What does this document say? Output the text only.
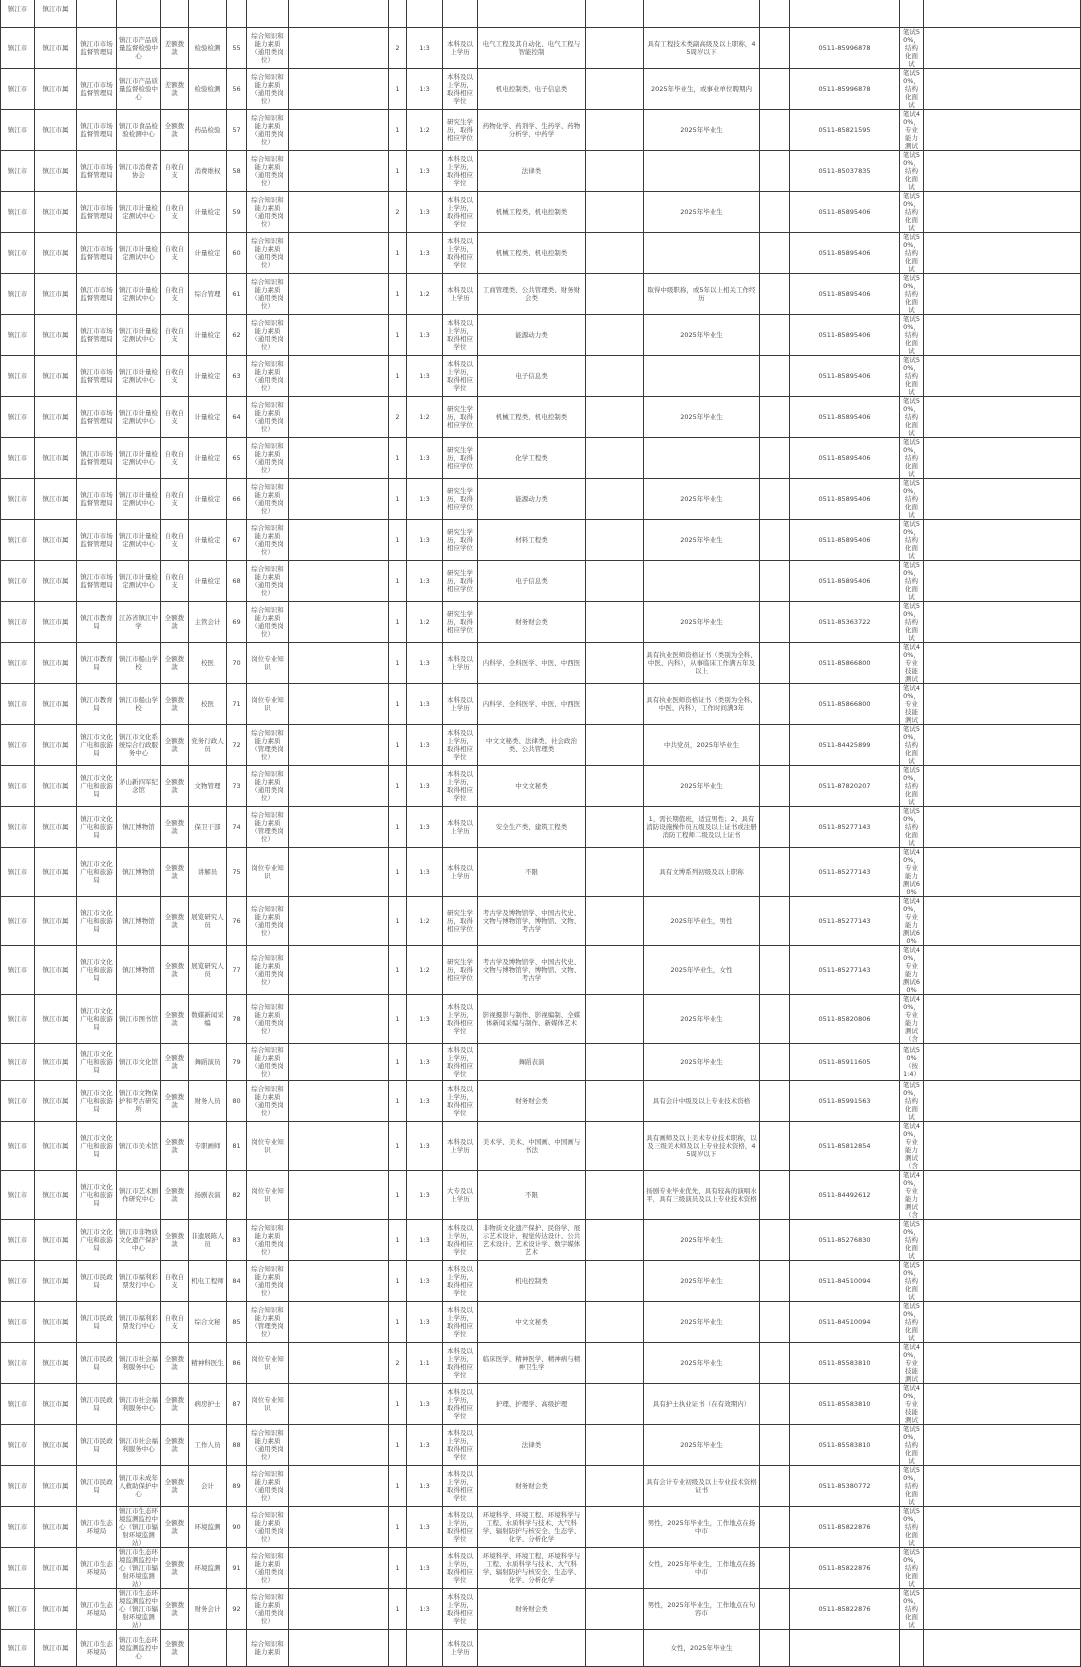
镇江市	镇江市属																	
镇江市	镇江市属	镇江市市场监督管理局	镇江市产品质量监督检验中心	差额拨款	检验检测	55	综合知识和能力素质（通用类岗位）		2	1:3	本科及以上学历	电气工程及其自动化、电气工程与智能控制		具有工程技术类副高级及以上职称，45周岁以下		0511-85996878	笔试50%，结构化面试	
镇江市	镇江市属	镇江市市场监督管理局	镇江市产品质量监督检验中心	差额拨款	检验检测	56	综合知识和能力素质（通用类岗位）		1	1:3	本科及以上学历，取得相应学位	机电控制类、电子信息类		2025年毕业生，或事业单位聘期内		0511-85996878	笔试50%，结构化面试	
镇江市	镇江市属	镇江市市场监督管理局	镇江市食品检验检测中心	全额拨款	药品检验	57	综合知识和能力素质（通用类岗位）		1	1:2	研究生学历，取得相应学位	药物化学、药剂学、生药学、药物分析学、中药学		2025年毕业生		0511-85821595	笔试40%，专业能力测试	
镇江市	镇江市属	镇江市市场监督管理局	镇江市消费者协会	自收自支	消费维权	58	综合知识和能力素质（通用类岗位）		1	1:3	本科及以上学历，取得相应学位	法律类				0511-85037835	笔试50%，结构化面试	
镇江市	镇江市属	镇江市市场监督管理局	镇江市计量检定测试中心	自收自支	计量检定	59	综合知识和能力素质（通用类岗位）		2	1:3	本科及以上学历，取得相应学位	机械工程类、机电控制类		2025年毕业生		0511-85895406	笔试50%，结构化面试	
镇江市	镇江市属	镇江市市场监督管理局	镇江市计量检定测试中心	自收自支	计量检定	60	综合知识和能力素质（通用类岗位）		1	1:3	本科及以上学历，取得相应学位	机械工程类、机电控制类				0511-85895406	笔试50%，结构化面试	
镇江市	镇江市属	镇江市市场监督管理局	镇江市计量检定测试中心	自收自支	综合管理	61	综合知识和能力素质（通用类岗位）		1	1:2	本科及以上学历	工商管理类、公共管理类、财务财会类		取得中级职称，或5年以上相关工作经历		0511-85895406	笔试50%，结构化面试	
镇江市	镇江市属	镇江市市场监督管理局	镇江市计量检定测试中心	自收自支	计量检定	62	综合知识和能力素质（通用类岗位）		1	1:3	本科及以上学历，取得相应学位	能源动力类		2025年毕业生		0511-85895406	笔试50%，结构化面试	
镇江市	镇江市属	镇江市市场监督管理局	镇江市计量检定测试中心	自收自支	计量检定	63	综合知识和能力素质（通用类岗位）		1	1:3	本科及以上学历，取得相应学位	电子信息类				0511-85895406	笔试50%，结构化面试	
镇江市	镇江市属	镇江市市场监督管理局	镇江市计量检定测试中心	自收自支	计量检定	64	综合知识和能力素质（通用类岗位）		2	1:2	研究生学历，取得相应学位	机械工程类、机电控制类		2025年毕业生		0511-85895406	笔试50%，结构化面试	
镇江市	镇江市属	镇江市市场监督管理局	镇江市计量检定测试中心	自收自支	计量检定	65	综合知识和能力素质（通用类岗位）		1	1:3	研究生学历，取得相应学位	化学工程类				0511-85895406	笔试50%，结构化面试	
镇江市	镇江市属	镇江市市场监督管理局	镇江市计量检定测试中心	自收自支	计量检定	66	综合知识和能力素质（通用类岗位）		1	1:3	研究生学历，取得相应学位	能源动力类		2025年毕业生		0511-85895406	笔试50%，结构化面试	
镇江市	镇江市属	镇江市市场监督管理局	镇江市计量检定测试中心	自收自支	计量检定	67	综合知识和能力素质（通用类岗位）		1	1:3	研究生学历，取得相应学位	材料工程类		2025年毕业生		0511-85895406	笔试50%，结构化面试	
镇江市	镇江市属	镇江市市场监督管理局	镇江市计量检定测试中心	自收自支	计量检定	68	综合知识和能力素质（通用类岗位）		1	1:3	研究生学历，取得相应学位	电子信息类				0511-85895406	笔试50%，结构化面试	
镇江市	镇江市属	镇江市教育局	江苏省镇江中学	全额拨款	主管会计	69	综合知识和能力素质（通用类岗位）		1	1:2	研究生学历，取得相应学位	财务财会类		2025年毕业生		0511-85363722	笔试50%，结构化面试	
镇江市	镇江市属	镇江市教育局	镇江市船山学校	全额拨款	校医	70	岗位专业知识		1	1:3	本科及以上学历	内科学、全科医学、中医、中西医		具有执业医师资格证书（类别为全科、中医、内科），从事临床工作满五年及以上		0511-85866800	笔试40%，专业技能测试	
镇江市	镇江市属	镇江市教育局	镇江市船山学校	全额拨款	校医	71	岗位专业知识		1	1:3	本科及以上学历	内科学、全科医学、中医、中西医		具有执业医师资格证书（类别为全科、中医、内科），工作时间满3年		0511-85866800	笔试40%，专业技能测试	
镇江市	镇江市属	镇江市文化广电和旅游局	镇江市文化系统综合行政服务中心	全额拨款	党务行政人员	72	综合知识和能力素质（管理类岗位）		1	1:3	本科及以上学历，取得相应学位	中文文秘类、法律类、社会政治类、公共管理类		中共党员，2025年毕业生		0511-84425899	笔试50%，结构化面试	
镇江市	镇江市属	镇江市文化广电和旅游局	茅山新四军纪念馆	全额拨款	文物管理	73	综合知识和能力素质（通用类岗位）		1	1:3	本科及以上学历，取得相应学位	中文文秘类		2025年毕业生		0511-87820207	笔试50%，结构化面试	
镇江市	镇江市属	镇江市文化广电和旅游局	镇江博物馆	全额拨款	保卫干部	74	综合知识和能力素质（管理类岗位）		1	1:3	本科及以上学历	安全生产类、建筑工程类		1、需长期值班，适宜男性；2、具有消防设施操作员五级及以上证书或注册消防工程师二级及以上证书		0511-85277143	笔试50%，结构化面试	
镇江市	镇江市属	镇江市文化广电和旅游局	镇江博物馆	全额拨款	讲解员	75	岗位专业知识		1	1:3	本科及以上学历	不限		具有文博系列初级及以上职称		0511-85277143	笔试40%，专业能力测试60%	
镇江市	镇江市属	镇江市文化广电和旅游局	镇江博物馆	全额拨款	展览研究人员	76	综合知识和能力素质（通用类岗位）		1	1:2	研究生学历，取得相应学位	考古学及博物馆学、中国古代史、文物与博物馆学、博物馆、文物、考古学		2025年毕业生，男性		0511-85277143	笔试40%，专业能力测试60%	
镇江市	镇江市属	镇江市文化广电和旅游局	镇江博物馆	全额拨款	展览研究人员	77	综合知识和能力素质（通用类岗位）		1	1:2	研究生学历，取得相应学位	考古学及博物馆学、中国古代史、文物与博物馆学、博物馆、文物、考古学		2025年毕业生，女性		0511-85277143	笔试40%，专业能力测试60%	
镇江市	镇江市属	镇江市文化广电和旅游局	镇江市图书馆	全额拨款	数媒新闻采编	78	综合知识和能力素质（通用类岗位）		1	1:3	本科及以上学历，取得相应学位	影视摄影与制作、影视编制、全媒体新闻采编与制作、新媒体艺术		2025年毕业生		0511-85820806	笔试40%，专业能力测试（含	
镇江市	镇江市属	镇江市文化广电和旅游局	镇江市文化馆	全额拨款	舞蹈演员	79	综合知识和能力素质（通用类岗位）		1	1:3	本科及以上学历，取得相应学位	舞蹈表演		2025年毕业生		0511-85911605	笔试50%（按1:4）	
镇江市	镇江市属	镇江市文化广电和旅游局	镇江市文物保护和考古研究所	全额拨款	财务人员	80	综合知识和能力素质（通用类岗位）		1	1:3	本科及以上学历，取得相应学位	财务财会类		具有会计中级及以上专业技术资格		0511-85991563	笔试50%，结构化面试	
镇江市	镇江市属	镇江市文化广电和旅游局	镇江市美术馆	全额拨款	专职画师	81	岗位专业知识		1	1:3	本科及以上学历	美术学、美术、中国画、中国画与书法		具有画师及以上美术专业技术职称，以及三级美术师及以上专业技术资格，45周岁以下		0511-85812854	笔试40%，专业能力测试（含	
镇江市	镇江市属	镇江市文化广电和旅游局	镇江市艺术剧作研究中心	全额拨款	扬剧表演	82	岗位专业知识		1	1:3	大专及以上学历	不限		扬剧专业毕业优先，具有较高的演唱水平，具有三级演员及以上专业技术资格		0511-84492612	笔试40%，专业能力测试（含	
镇江市	镇江市属	镇江市文化广电和旅游局	镇江市非物质文化遗产保护中心	全额拨款	非遗展陈人员	83	综合知识和能力素质（通用类岗位）		1	1:3	本科及以上学历，取得相应学位	非物质文化遗产保护、民俗学、展示艺术设计、视觉传达设计、公共艺术设计、艺术设计学、数字媒体艺术		2025年毕业生		0511-85276830	笔试50%，结构化面试	
镇江市	镇江市属	镇江市民政局	镇江市福利彩票发行中心	自收自支	机电工程师	84	综合知识和能力素质（通用类岗位）		1	1:3	本科及以上学历，取得相应学位	机电控制类		2025年毕业生		0511-84510094	笔试50%，结构化面试	
镇江市	镇江市属	镇江市民政局	镇江市福利彩票发行中心	自收自支	综合文秘	85	综合知识和能力素质（管理类岗位）		1	1:3	本科及以上学历，取得相应学位	中文文秘类		2025年毕业生		0511-84510094	笔试50%，结构化面试	
镇江市	镇江市属	镇江市民政局	镇江市社会福利服务中心	全额拨款	精神科医生	86	岗位专业知识		2	1:1	本科及以上学历，取得相应学位	临床医学、精神医学、精神病与精神卫生学		2025年毕业生		0511-85583810	笔试40%，专业技能测试	
镇江市	镇江市属	镇江市民政局	镇江市社会福利服务中心	全额拨款	病房护士	87	岗位专业知识		1	1:3	本科及以上学历，取得相应学位	护理、护理学、高级护理		具有护士执业证书（在有效期内）		0511-85583810	笔试40%，专业技能测试	
镇江市	镇江市属	镇江市民政局	镇江市社会福利服务中心	全额拨款	工作人员	88	综合知识和能力素质（通用类岗位）		1	1:3	本科及以上学历，取得相应学位	法律类		2025年毕业生		0511-85583810	笔试50%，结构化面试	
镇江市	镇江市属	镇江市民政局	镇江市未成年人救助保护中心	全额拨款	会计	89	综合知识和能力素质（通用类岗位）		1	1:3	本科及以上学历，取得相应学位	财务财会类		具有会计专业初级及以上专业技术资格证书		0511-85380772	笔试50%，结构化面试	
镇江市	镇江市属	镇江市生态环境局	镇江市生态环境监测监控中心（镇江市辐射环境监测站）	全额拨款	环境监测	90	综合知识和能力素质（通用类岗位）		1	1:3	本科及以上学历，取得相应学位	环境科学、环境工程、环境科学与工程、水质科学与技术、大气科学、辐射防护与核安全、生态学、化学、分析化学		男性，2025年毕业生，工作地点在扬中市		0511-85822876	笔试50%，结构化面试	
镇江市	镇江市属	镇江市生态环境局	镇江市生态环境监测监控中心（镇江市辐射环境监测站）	全额拨款	环境监测	91	综合知识和能力素质（通用类岗位）		1	1:3	本科及以上学历，取得相应学位	环境科学、环境工程、环境科学与工程、水质科学与技术、大气科学、辐射防护与核安全、生态学、化学、分析化学		女性，2025年毕业生，工作地点在扬中市		0511-85822876	笔试50%，结构化面试	
镇江市	镇江市属	镇江市生态环境局	镇江市生态环境监测监控中心（镇江市辐射环境监测站）	全额拨款	财务会计	92	综合知识和能力素质（通用类岗位）		1	1:3	本科及以上学历，取得相应学位	财务财会类		男性，2025年毕业生，工作地点在句容市		0511-85822876	笔试50%，结构化面试	
镇江市	镇江市属	镇江市生态环境局	镇江市生态环境监测监控中心	全额拨款			综合知识和能力素质				本科及以上学历			女性，2025年毕业生				
